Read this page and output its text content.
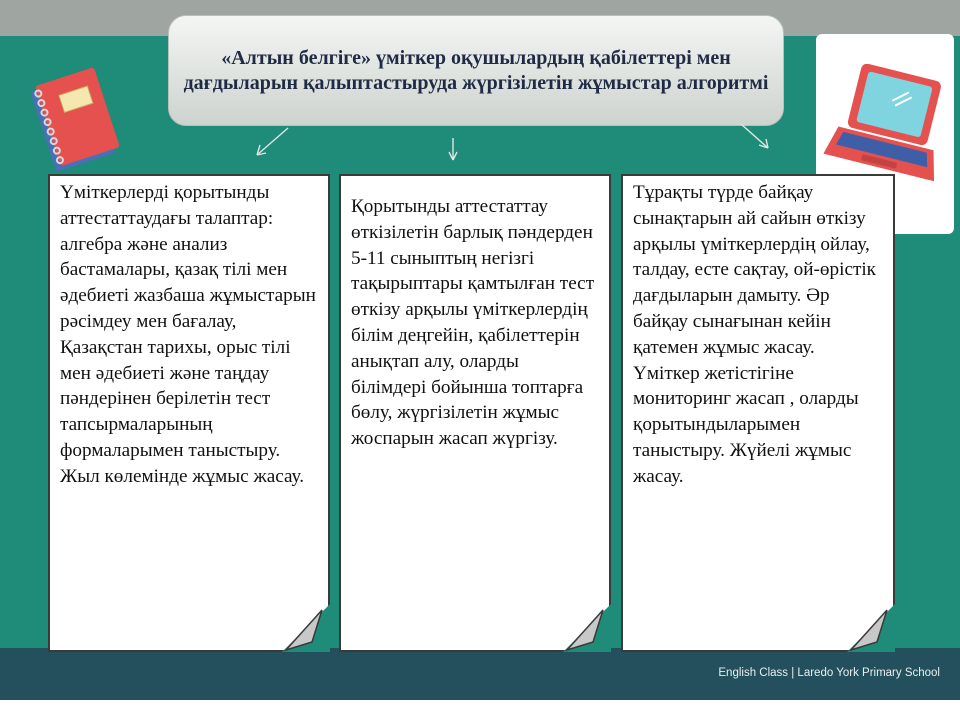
English Class | Laredo York Primary School
«Алтын белгіге» үміткер оқушылардың қабілеттері мен дағдыларын қалыптастыруда жүргізілетін жұмыстар алгоритмі

Үміткерлерді қорытынды аттестаттаудағы талаптар: алгебра және анализ бастамалары, қазақ тілі мен әдебиеті жазбаша жұмыстарын рәсімдеу мен бағалау, Қазақстан тарихы, орыс тілі мен әдебиеті және таңдау пәндерінен берілетін тест тапсырмаларының формаларымен таныстыру. Жыл көлемінде жұмыс жасау.

Қорытынды аттестаттау өткізілетін барлық пәндерден 5-11 сыныптың негізгі тақырыптары қамтылған тест өткізу арқылы үміткерлердің білім деңгейін, қабілеттерін анықтап алу, оларды білімдері бойынша топтарға бөлу, жүргізілетін жұмыс жоспарын жасап жүргізу.

Тұрақты түрде байқау сынақтарын ай сайын өткізу арқылы үміткерлердің ойлау, талдау, есте сақтау, ой-өрістік дағдыларын дамыту. Әр байқау сынағынан кейін қатемен жұмыс жасау. Үміткер жетістігіне мониторинг жасап , оларды қорытындыларымен таныстыру. Жүйелі жұмыс жасау.
